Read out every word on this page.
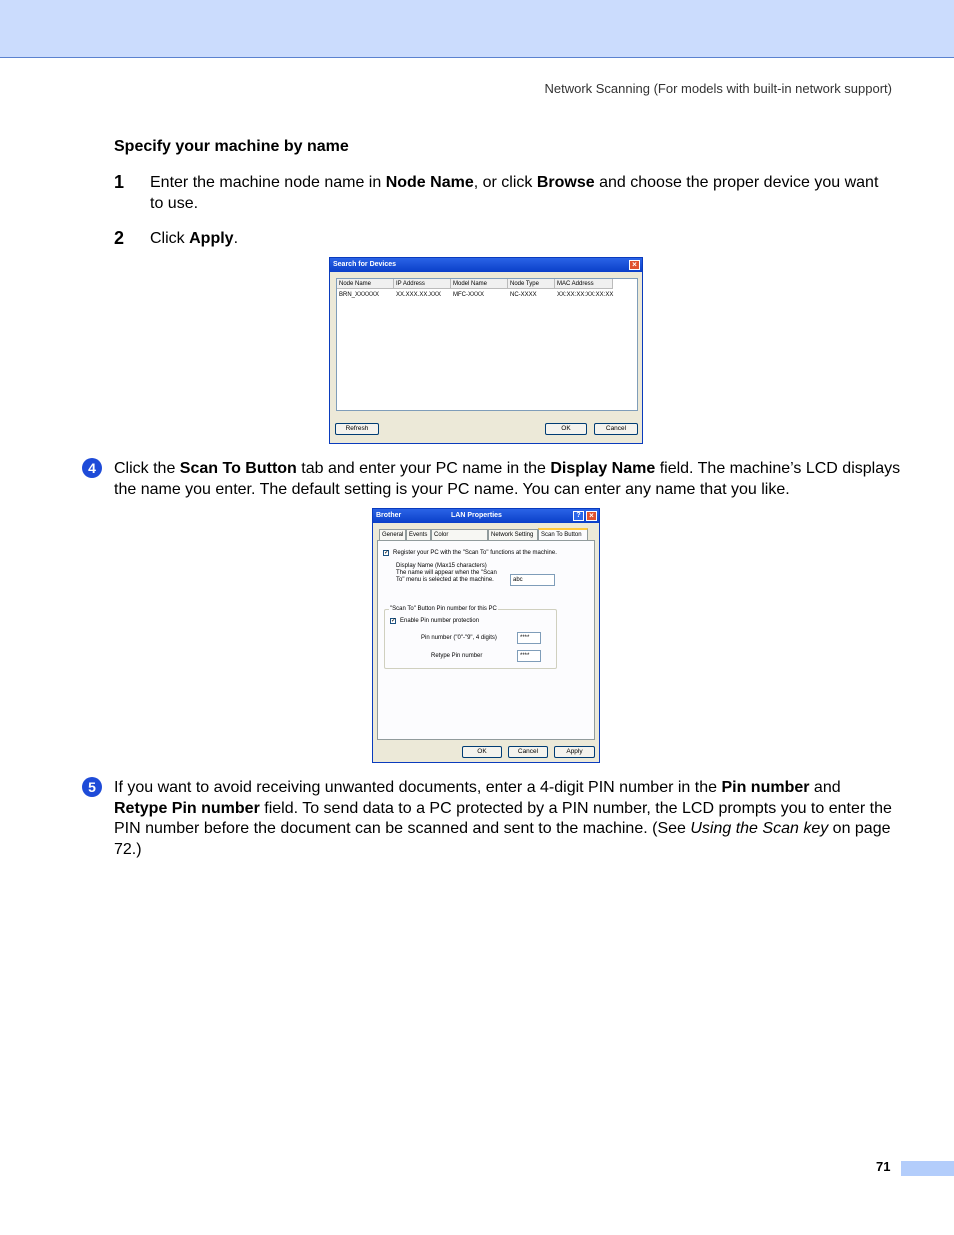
Network Scanning (For models with built-in network support)
Specify your machine by name
1 Enter the machine node name in Node Name, or click Browse and choose the proper device you want to use.
2 Click Apply.
Search for Devices	×
Node Name	IP Address	Model Name	Node Type	MAC Address
BRN_XXXXXX	XX.XXX.XX.XXX MFC-XXXX	NC-XXXX	XX:XX:XX:XX:XX:XX
Refresh	OK	Cancel
4	Click the Scan To Button tab and enter your PC name in the Display Name field. The machine’s LCD displays the name you enter. The default setting is your PC name. You can enter any name that you like.
Brother	LAN Properties	?	×
General Events	Color	Network Setting	Scan To Button
✓ Register your PC with the "Scan To" functions at the machine.
Display Name (Max15 characters)
The name will appear when the "Scan
To" menu is selected at the machine.	abc
"Scan To" Button Pin number for this PC
✓ Enable Pin number protection
Pin number ("0"-"9", 4 digits)	****
Retype Pin number	****
OK	Cancel	Apply
5	If you want to avoid receiving unwanted documents, enter a 4-digit PIN number in the Pin number and Retype Pin number field. To send data to a PC protected by a PIN number, the LCD prompts you to enter the PIN number before the document can be scanned and sent to the machine. (See Using the Scan key on page 72.)
71
